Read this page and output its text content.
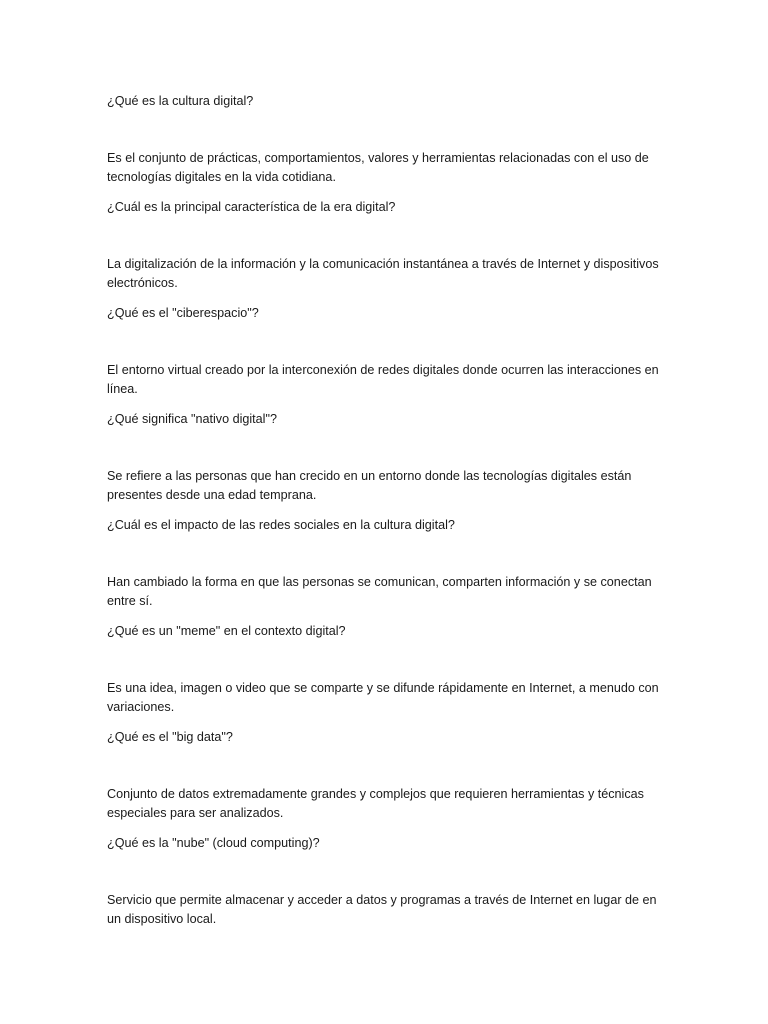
¿Qué es la cultura digital?

Es el conjunto de prácticas, comportamientos, valores y herramientas relacionadas con el uso de tecnologías digitales en la vida cotidiana.

¿Cuál es la principal característica de la era digital?

La digitalización de la información y la comunicación instantánea a través de Internet y dispositivos electrónicos.

¿Qué es el "ciberespacio"?

El entorno virtual creado por la interconexión de redes digitales donde ocurren las interacciones en línea.

¿Qué significa "nativo digital"?

Se refiere a las personas que han crecido en un entorno donde las tecnologías digitales están presentes desde una edad temprana.

¿Cuál es el impacto de las redes sociales en la cultura digital?

Han cambiado la forma en que las personas se comunican, comparten información y se conectan entre sí.

¿Qué es un "meme" en el contexto digital?

Es una idea, imagen o video que se comparte y se difunde rápidamente en Internet, a menudo con variaciones.

¿Qué es el "big data"?

Conjunto de datos extremadamente grandes y complejos que requieren herramientas y técnicas especiales para ser analizados.

¿Qué es la "nube" (cloud computing)?

Servicio que permite almacenar y acceder a datos y programas a través de Internet en lugar de en un dispositivo local.
